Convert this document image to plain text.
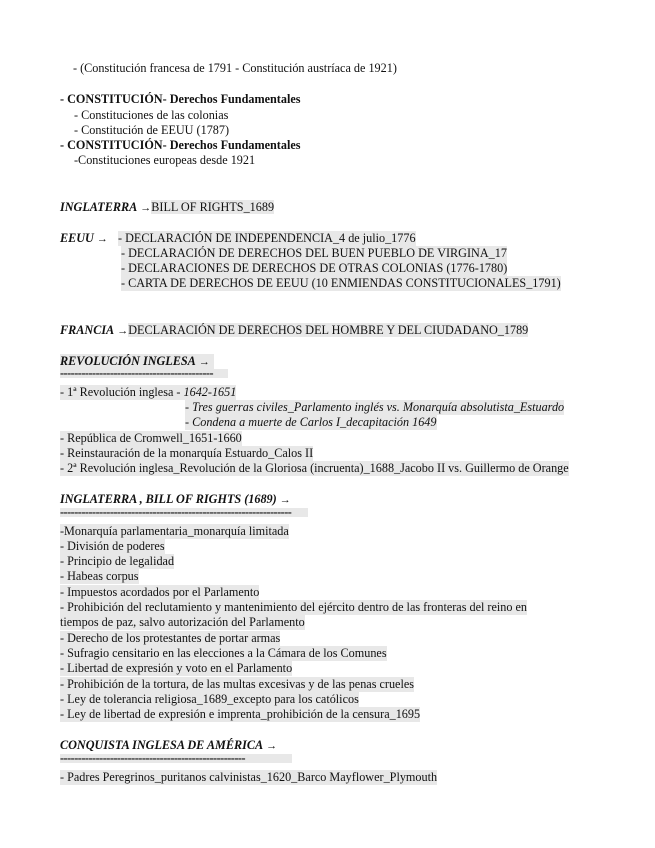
- (Constitución francesa de 1791 - Constitución austríaca de 1921)
- CONSTITUCIÓN- Derechos Fundamentales
- Constituciones de las colonias
- Constitución de EEUU (1787)
- CONSTITUCIÓN- Derechos Fundamentales
-Constituciones europeas desde 1921
INGLATERRA →BILL OF RIGHTS_1689
EEUU → - DECLARACIÓN DE INDEPENDENCIA_4 de julio_1776
- DECLARACIÓN DE DERECHOS DEL BUEN PUEBLO DE VIRGINA_17
- DECLARACIONES DE DERECHOS DE OTRAS COLONIAS (1776-1780)
- CARTA DE DERECHOS DE EEUU (10 ENMIENDAS CONSTITUCIONALES_1791)
FRANCIA →DECLARACIÓN DE DERECHOS DEL HOMBRE Y DEL CIUDADANO_1789
REVOLUCIÓN INGLESA →
-------------------------------------------
- 1ª Revolución inglesa - 1642-1651
- Tres guerras civiles_Parlamento inglés vs. Monarquía absolutista_Estuardo
- Condena a muerte de Carlos I_decapitación 1649
- República de Cromwell_1651-1660
- Reinstauración de la monarquía Estuardo_Calos II
- 2ª Revolución inglesa_Revolución de la Gloriosa (incruenta)_1688_Jacobo II vs. Guillermo de Orange
INGLATERRA , BILL OF RIGHTS (1689) →
-----------------------------------------------------------------
-Monarquía parlamentaria_monarquía limitada
- División de poderes
- Principio de legalidad
- Habeas corpus
- Impuestos acordados por el Parlamento
- Prohibición del reclutamiento y mantenimiento del ejército dentro de las fronteras del reino en
tiempos de paz, salvo autorización del Parlamento
- Derecho de los protestantes de portar armas
- Sufragio censitario en las elecciones a la Cámara de los Comunes
- Libertad de expresión y voto en el Parlamento
- Prohibición de la tortura, de las multas excesivas y de las penas crueles
- Ley de tolerancia religiosa_1689_excepto para los católicos
- Ley de libertad de expresión e imprenta_prohibición de la censura_1695
CONQUISTA INGLESA DE AMÉRICA →
----------------------------------------------------
- Padres Peregrinos_puritanos calvinistas_1620_Barco Mayflower_Plymouth
